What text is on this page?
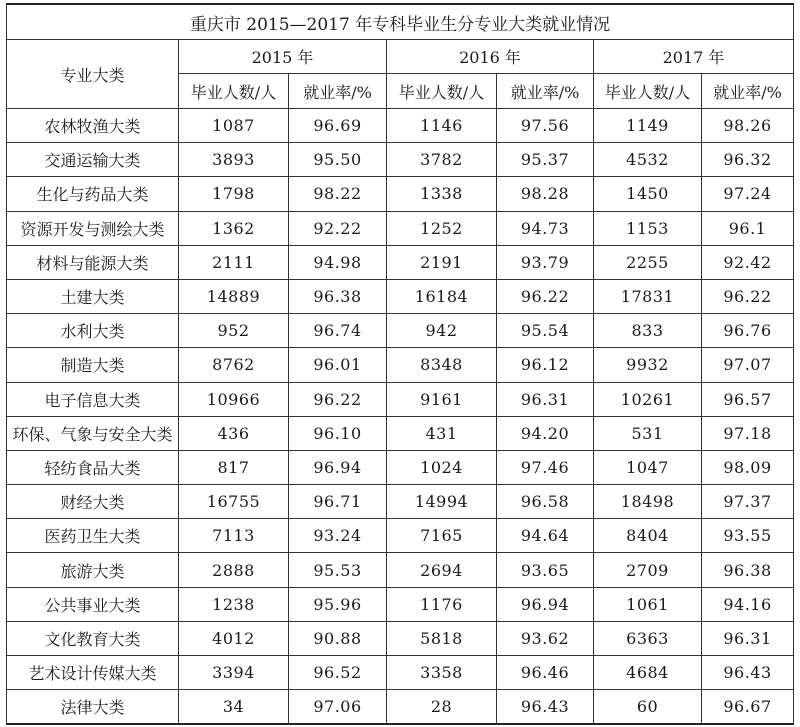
重庆市 2015—2017 年专科毕业生分专业大类就业情况						
专业大类	2015 年		2016 年		2017 年	
	毕业人数/人	就业率/%	毕业人数/人	就业率/%	毕业人数/人	就业率/%
农林牧渔大类	1087	96.69	1146	97.56	1149	98.26
交通运输大类	3893	95.50	3782	95.37	4532	96.32
生化与药品大类	1798	98.22	1338	98.28	1450	97.24
资源开发与测绘大类	1362	92.22	1252	94.73	1153	96.1
材料与能源大类	2111	94.98	2191	93.79	2255	92.42
土建大类	14889	96.38	16184	96.22	17831	96.22
水利大类	952	96.74	942	95.54	833	96.76
制造大类	8762	96.01	8348	96.12	9932	97.07
电子信息大类	10966	96.22	9161	96.31	10261	96.57
环保、气象与安全大类	436	96.10	431	94.20	531	97.18
轻纺食品大类	817	96.94	1024	97.46	1047	98.09
财经大类	16755	96.71	14994	96.58	18498	97.37
医药卫生大类	7113	93.24	7165	94.64	8404	93.55
旅游大类	2888	95.53	2694	93.65	2709	96.38
公共事业大类	1238	95.96	1176	96.94	1061	94.16
文化教育大类	4012	90.88	5818	93.62	6363	96.31
艺术设计传媒大类	3394	96.52	3358	96.46	4684	96.43
法律大类	34	97.06	28	96.43	60	96.67
